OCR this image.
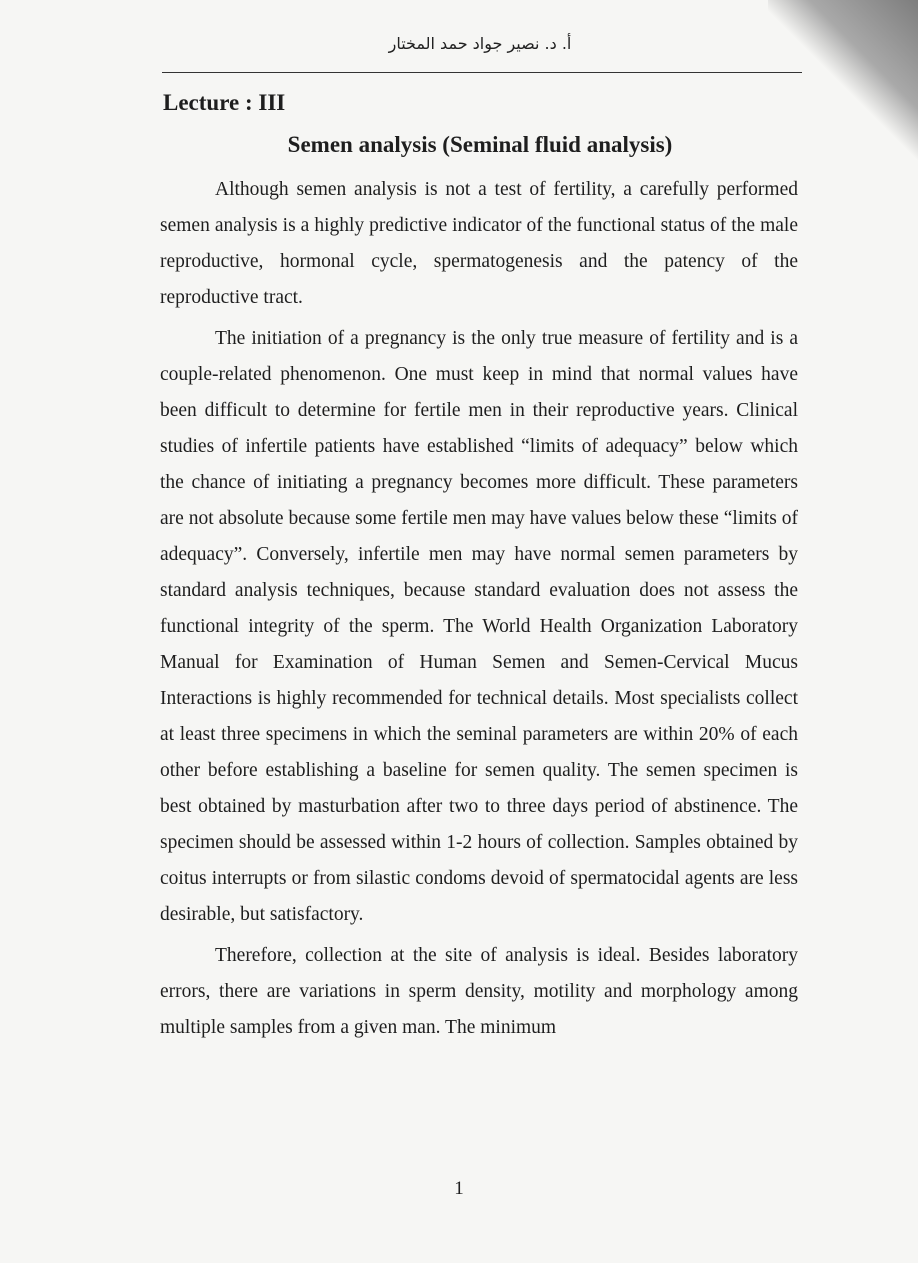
أ. د. نصير جواد حمد المختار
Lecture : III
Semen analysis (Seminal fluid analysis)

Although semen analysis is not a test of fertility, a carefully performed semen analysis is a highly predictive indicator of the functional status of the male reproductive, hormonal cycle, spermatogenesis and the patency of the reproductive tract.

The initiation of a pregnancy is the only true measure of fertility and is a couple-related phenomenon. One must keep in mind that normal values have been difficult to determine for fertile men in their reproductive years. Clinical studies of infertile patients have established “limits of adequacy” below which the chance of initiating a pregnancy becomes more difficult. These parameters are not absolute because some fertile men may have values below these “limits of adequacy”. Conversely, infertile men may have normal semen parameters by standard analysis techniques, because standard evaluation does not assess the functional integrity of the sperm. The World Health Organization Laboratory Manual for Examination of Human Semen and Semen-Cervical Mucus Interactions is highly recommended for technical details. Most specialists collect at least three specimens in which the seminal parameters are within 20% of each other before establishing a baseline for semen quality. The semen specimen is best obtained by masturbation after two to three days period of abstinence. The specimen should be assessed within 1-2 hours of collection. Samples obtained by coitus interrupts or from silastic condoms devoid of spermatocidal agents are less desirable, but satisfactory.

Therefore, collection at the site of analysis is ideal. Besides laboratory errors, there are variations in sperm density, motility and morphology among multiple samples from a given man. The minimum

1
